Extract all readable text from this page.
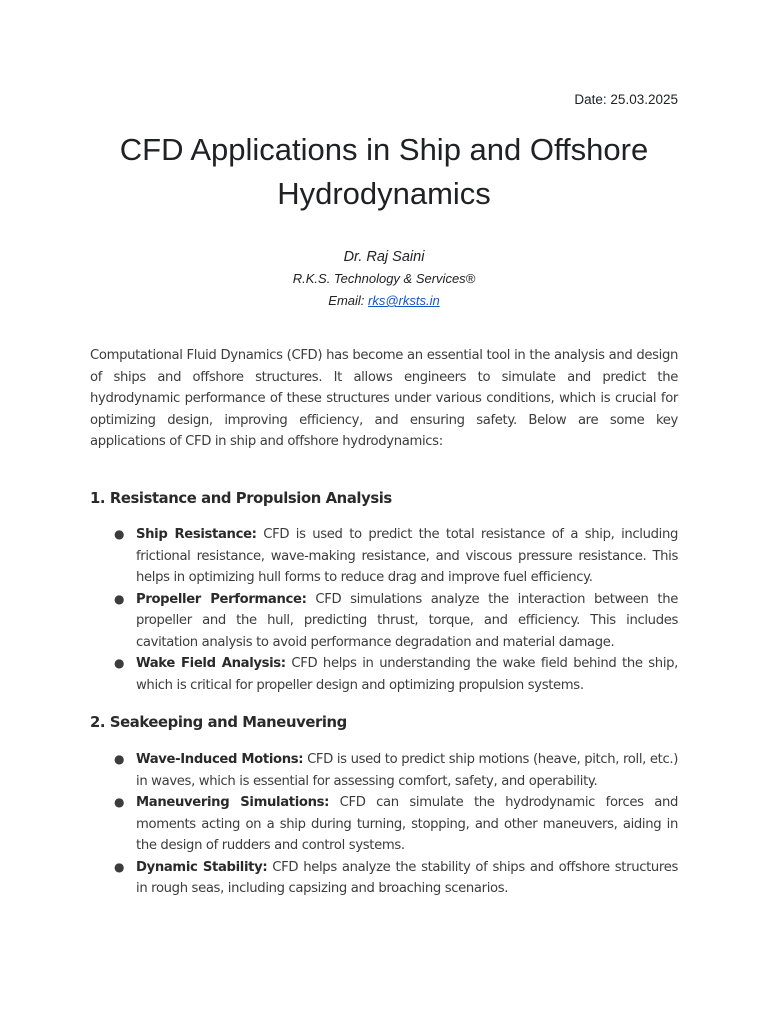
Date: 25.03.2025
CFD Applications in Ship and Offshore Hydrodynamics
Dr. Raj Saini
R.K.S. Technology & Services®
Email: rks@rksts.in

Computational Fluid Dynamics (CFD) has become an essential tool in the analysis and design of ships and offshore structures. It allows engineers to simulate and predict the hydrodynamic performance of these structures under various conditions, which is crucial for optimizing design, improving efficiency, and ensuring safety. Below are some key applications of CFD in ship and offshore hydrodynamics:

1. Resistance and Propulsion Analysis
● Ship Resistance: CFD is used to predict the total resistance of a ship, including frictional resistance, wave-making resistance, and viscous pressure resistance. This helps in optimizing hull forms to reduce drag and improve fuel efficiency.
● Propeller Performance: CFD simulations analyze the interaction between the propeller and the hull, predicting thrust, torque, and efficiency. This includes cavitation analysis to avoid performance degradation and material damage.
● Wake Field Analysis: CFD helps in understanding the wake field behind the ship, which is critical for propeller design and optimizing propulsion systems.
2. Seakeeping and Maneuvering
● Wave-Induced Motions: CFD is used to predict ship motions (heave, pitch, roll, etc.) in waves, which is essential for assessing comfort, safety, and operability.
● Maneuvering Simulations: CFD can simulate the hydrodynamic forces and moments acting on a ship during turning, stopping, and other maneuvers, aiding in the design of rudders and control systems.
● Dynamic Stability: CFD helps analyze the stability of ships and offshore structures in rough seas, including capsizing and broaching scenarios.
